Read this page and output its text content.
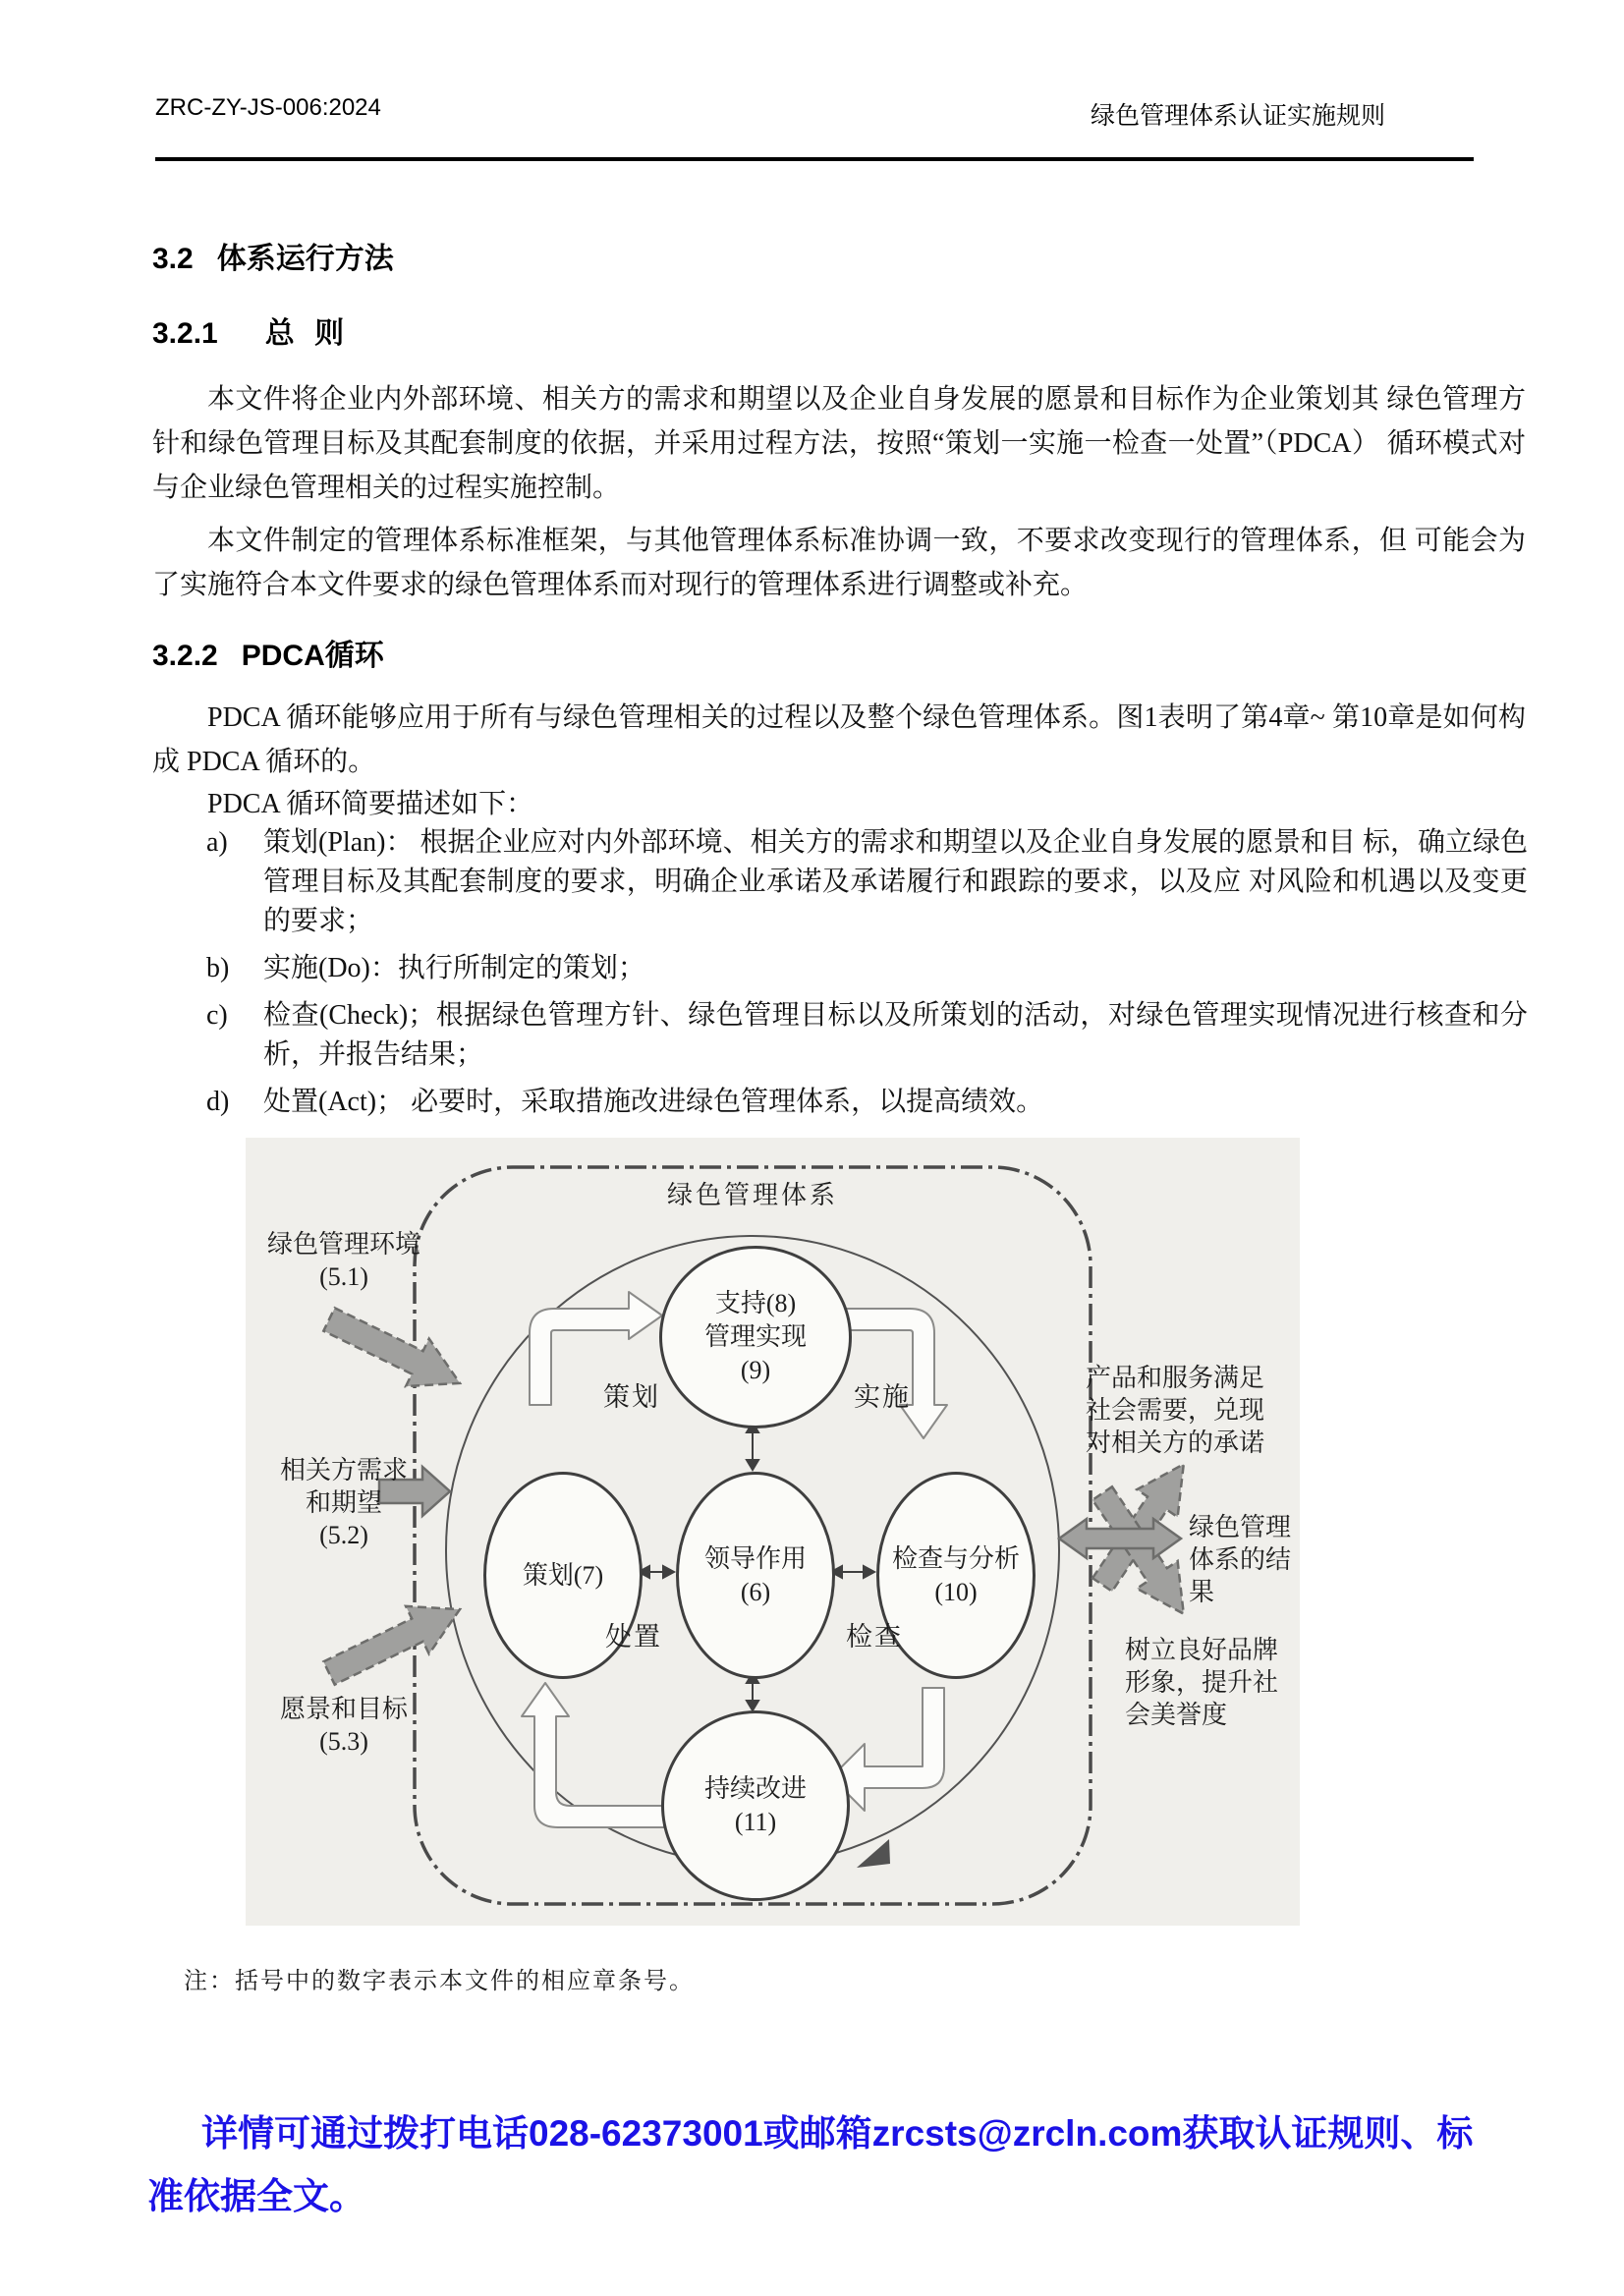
ZRC-ZY-JS-006:2024	绿色管理体系认证实施规则
3.2 体系运行方法
3.2.1 总 则
本文件将企业内外部环境、相关方的需求和期望以及企业自身发展的愿景和目标作为企业策划其 绿色管理方针和绿色管理目标及其配套制度的依据，并采用过程方法，按照“策划一实施一检查一处置”（PDCA） 循环模式对与企业绿色管理相关的过程实施控制。
本文件制定的管理体系标准框架，与其他管理体系标准协调一致，不要求改变现行的管理体系，但 可能会为了实施符合本文件要求的绿色管理体系而对现行的管理体系进行调整或补充。
3.2.2 PDCA循环
PDCA 循环能够应用于所有与绿色管理相关的过程以及整个绿色管理体系。图1表明了第4章~ 第10章是如何构成 PDCA 循环的。
PDCA 循环简要描述如下：
a)	策划(Plan)： 根据企业应对内外部环境、相关方的需求和期望以及企业自身发展的愿景和目 标，确立绿色管理目标及其配套制度的要求，明确企业承诺及承诺履行和跟踪的要求，以及应 对风险和机遇以及变更的要求；
b)	实施(Do)：执行所制定的策划；
c)	检查(Check)；根据绿色管理方针、绿色管理目标以及所策划的活动，对绿色管理实现情况进行核查和分析，并报告结果；
d)	处置(Act)； 必要时，采取措施改进绿色管理体系，以提高绩效。
绿色管理体系
支持(8)
管理实现
(9)
策划(7)
领导作用
(6)
检查与分析
(10)
持续改进
(11)
策划	实施
处置	检查
绿色管理环境
(5.1)
相关方需求
和期望
(5.2)
愿景和目标
(5.3)
产品和服务满足
社会需要，兑现
对相关方的承诺
绿色管理
体系的结果
树立良好品牌
形象，提升社
会美誉度
注：括号中的数字表示本文件的相应章条号。
详情可通过拨打电话028-62373001或邮箱zrcsts@zrcln.com获取认证规则、标
准依据全文。
